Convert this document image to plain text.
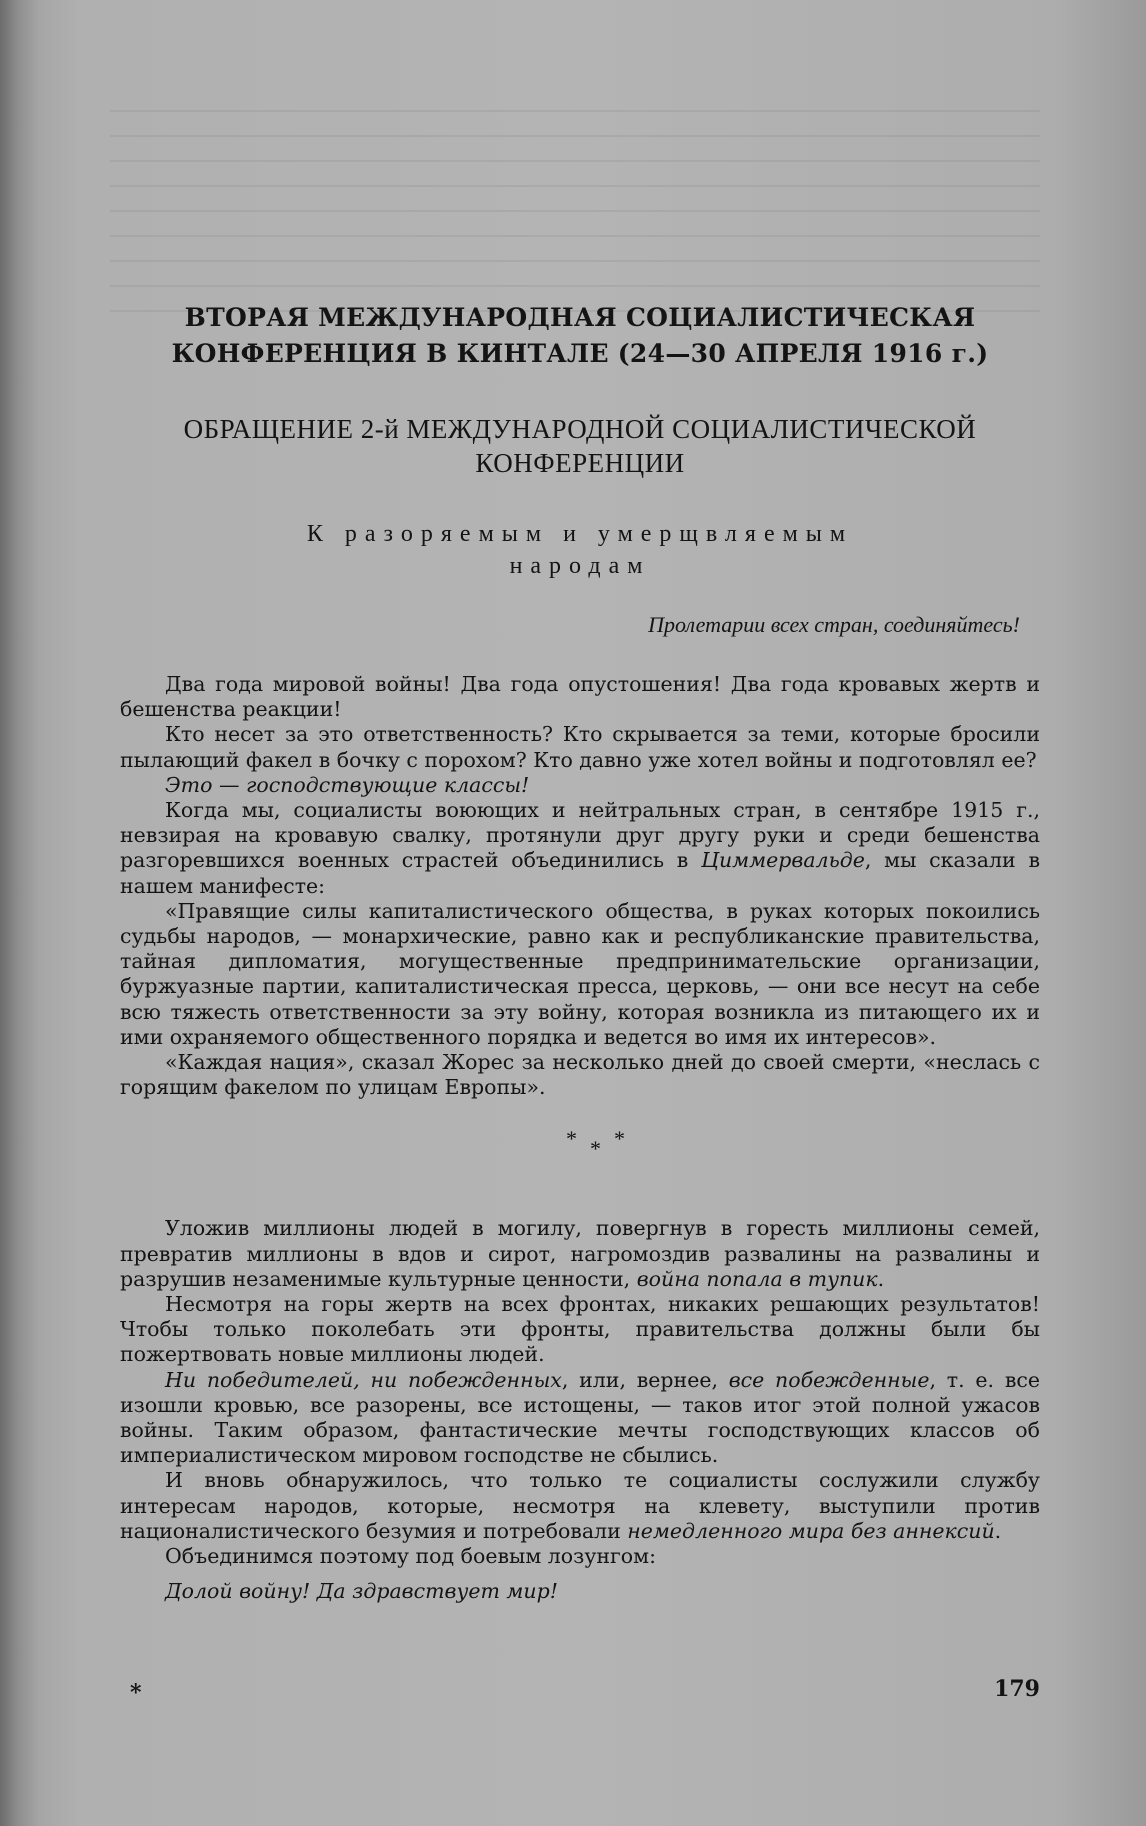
ВТОРАЯ МЕЖДУНАРОДНАЯ СОЦИАЛИСТИЧЕСКАЯ

КОНФЕРЕНЦИЯ В КИНТАЛЕ (24—30 АПРЕЛЯ 1916 г.)

ОБРАЩЕНИЕ 2-й МЕЖДУНАРОДНОЙ СОЦИАЛИСТИЧЕСКОЙ

КОНФЕРЕНЦИИ

К разоряемым и умерщвляемым

народам

Пролетарии всех стран, соединяйтесь!

Два года мировой войны! Два года опустошения! Два года кровавых жертв и бешенства реакции!

Кто несет за это ответственность? Кто скрывается за теми, которые бросили пылающий факел в бочку с порохом? Кто давно уже хотел войны и подготовлял ее?

Это — господствующие классы!

Когда мы, социалисты воюющих и нейтральных стран, в сентябре 1915 г., невзирая на кровавую свалку, протянули друг другу руки и среди бешенства разгоревшихся военных страстей объединились в Циммервальде, мы сказали в нашем манифесте:

«Правящие силы капиталистического общества, в руках которых покоились судьбы народов, — монархические, равно как и республиканские правительства, тайная дипломатия, могущественные предпринимательские организации, буржуазные партии, капиталистическая пресса, церковь, — они все несут на себе всю тяжесть ответственности за эту войну, которая возникла из питающего их и ими охраняемого общественного порядка и ведется во имя их интересов».

«Каждая нация», сказал Жорес за несколько дней до своей смерти, «неслась с горящим факелом по улицам Европы».

* * *

Уложив миллионы людей в могилу, повергнув в горесть миллионы семей, превратив миллионы в вдов и сирот, нагромоздив развалины на развалины и разрушив незаменимые культурные ценности, война попала в тупик.

Несмотря на горы жертв на всех фронтах, никаких решающих результатов! Чтобы только поколебать эти фронты, правительства должны были бы пожертвовать новые миллионы людей.

Ни победителей, ни побежденных, или, вернее, все побежденные, т. е. все изошли кровью, все разорены, все истощены, — таков итог этой полной ужасов войны. Таким образом, фантастические мечты господствующих классов об империалистическом мировом господстве не сбылись.

И вновь обнаружилось, что только те социалисты сослужили службу интересам народов, которые, несмотря на клевету, выступили против националистического безумия и потребовали немедленного мира без аннексий.

Объединимся поэтому под боевым лозунгом:

Долой войну! Да здравствует мир!

*	179
